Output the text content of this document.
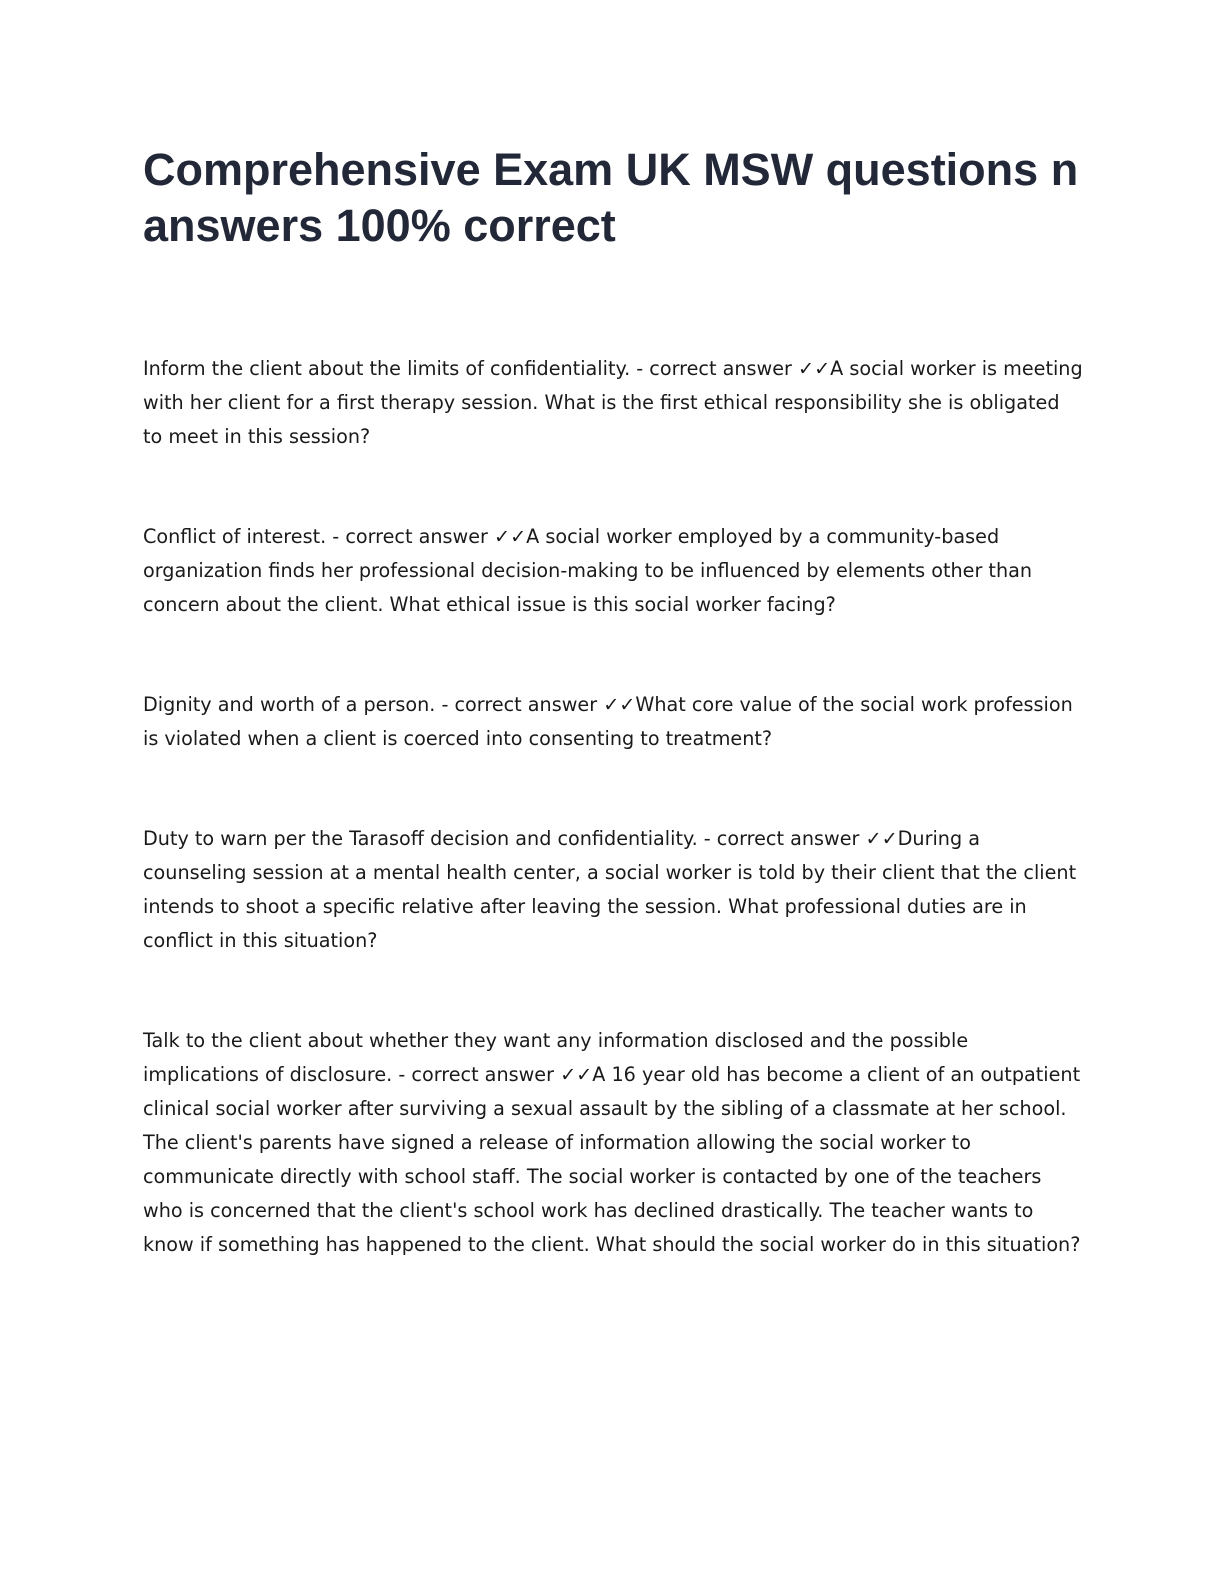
Comprehensive Exam UK MSW questions n answers 100% correct

Inform the client about the limits of confidentiality. - correct answer ✓✓A social worker is meeting with her client for a first therapy session. What is the first ethical responsibility she is obligated to meet in this session?

Conflict of interest. - correct answer ✓✓A social worker employed by a community-based organization finds her professional decision-making to be influenced by elements other than concern about the client. What ethical issue is this social worker facing?

Dignity and worth of a person. - correct answer ✓✓What core value of the social work profession is violated when a client is coerced into consenting to treatment?

Duty to warn per the Tarasoff decision and confidentiality. - correct answer ✓✓During a counseling session at a mental health center, a social worker is told by their client that the client intends to shoot a specific relative after leaving the session. What professional duties are in conflict in this situation?

Talk to the client about whether they want any information disclosed and the possible implications of disclosure. - correct answer ✓✓A 16 year old has become a client of an outpatient clinical social worker after surviving a sexual assault by the sibling of a classmate at her school. The client's parents have signed a release of information allowing the social worker to communicate directly with school staff. The social worker is contacted by one of the teachers who is concerned that the client's school work has declined drastically. The teacher wants to know if something has happened to the client. What should the social worker do in this situation?
